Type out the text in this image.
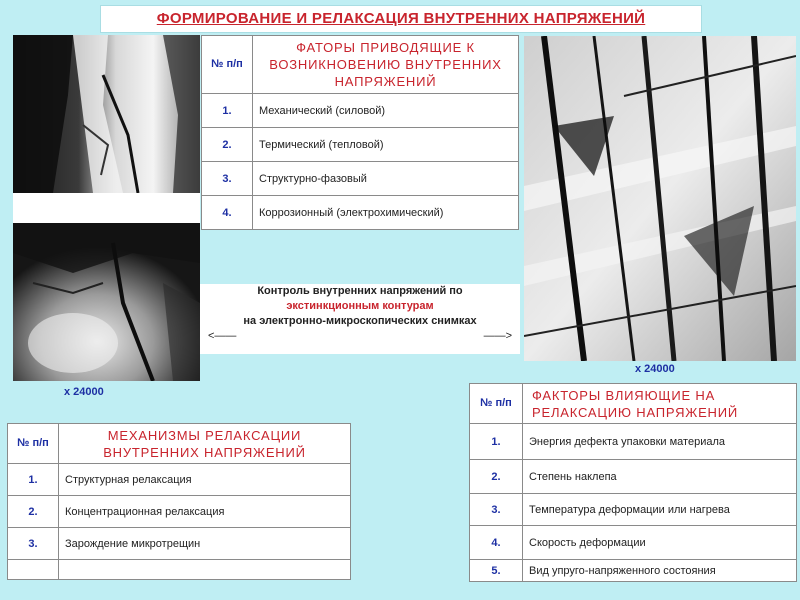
ФОРМИРОВАНИЕ И РЕЛАКСАЦИЯ ВНУТРЕННИХ НАПРЯЖЕНИЙ
x 24000
x 24000
№ п/п	ФАТОРЫ ПРИВОДЯЩИЕ К ВОЗНИКНОВЕНИЮ ВНУТРЕННИХ НАПРЯЖЕНИЙ

1.	Механический (силовой)
2.	Термический (тепловой)
3.	Структурно-фазовый
4.	Коррозионный (электрохимический)
Контроль внутренних напряжений по
экстинкционным контурам
на электронно-микроскопических снимках
<——	——>
№ п/п	МЕХАНИЗМЫ РЕЛАКСАЦИИ ВНУТРЕННИХ НАПРЯЖЕНИЙ

1.	Структурная релаксация
2.	Концентрационная релаксация
3.	Зарождение микротрещин

№ п/п	ФАКТОРЫ ВЛИЯЮЩИЕ НА РЕЛАКСАЦИЮ НАПРЯЖЕНИЙ

1.	Энергия дефекта упаковки материала
2.	Степень наклепа
3.	Температура деформации или нагрева
4.	Скорость деформации
5.	Вид упруго-напряженного состояния
